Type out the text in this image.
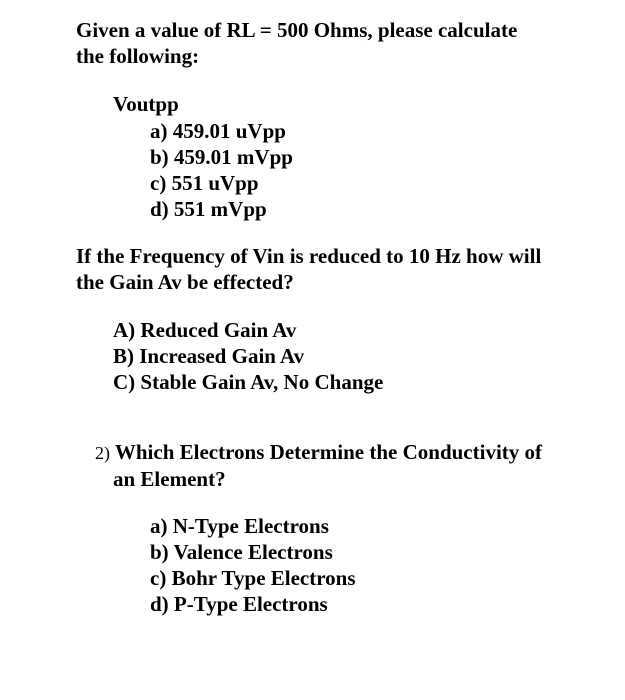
Given a value of RL = 500 Ohms, please calculate
the following:
Voutpp
a) 459.01 uVpp
b) 459.01 mVpp
c) 551 uVpp
d) 551 mVpp
If the Frequency of Vin is reduced to 10 Hz how will
the Gain Av be effected?
A) Reduced Gain Av
B) Increased Gain Av
C) Stable Gain Av, No Change
2) Which Electrons Determine the Conductivity of
an Element?
a) N-Type Electrons
b) Valence Electrons
c) Bohr Type Electrons
d) P-Type Electrons
